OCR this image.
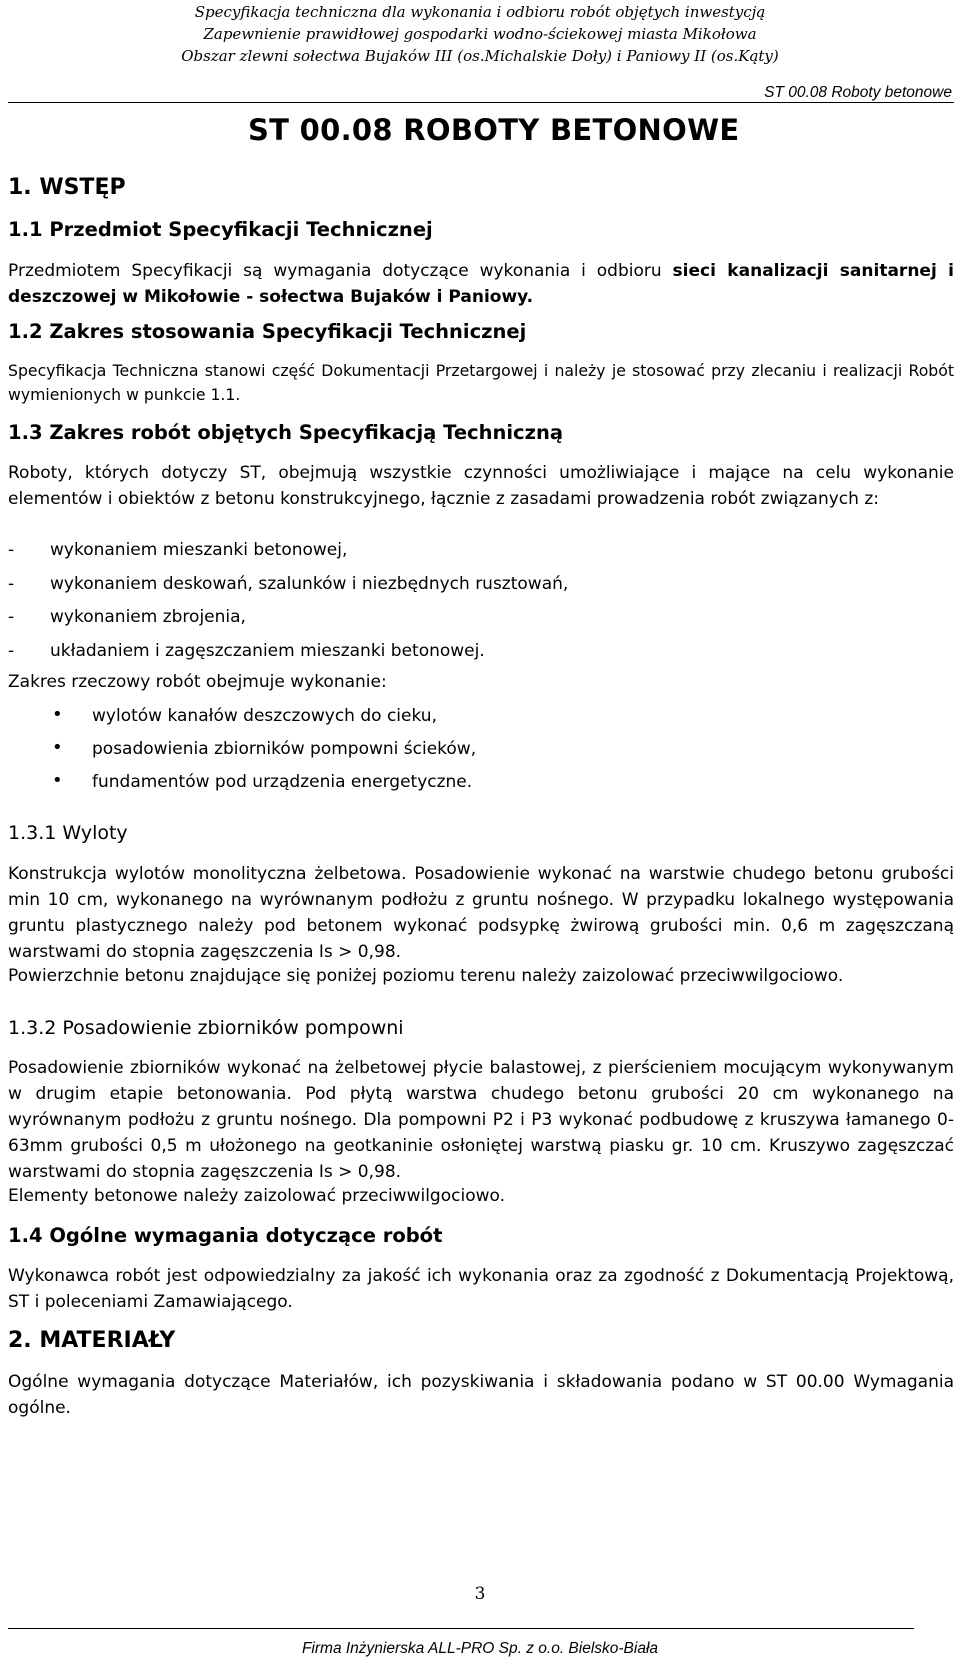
Specyfikacja techniczna dla wykonania i odbioru robót objętych inwestycją
Zapewnienie prawidłowej gospodarki wodno-ściekowej miasta Mikołowa
Obszar zlewni sołectwa Bujaków III (os.Michalskie Doły) i Paniowy II (os.Kąty)
ST 00.08 Roboty betonowe
ST 00.08 ROBOTY BETONOWE
1. WSTĘP
1.1 Przedmiot Specyfikacji Technicznej
Przedmiotem Specyfikacji są wymagania dotyczące wykonania i odbioru sieci kanalizacji sanitarnej i deszczowej w Mikołowie - sołectwa Bujaków i Paniowy.
1.2 Zakres stosowania Specyfikacji Technicznej
Specyfikacja Techniczna stanowi część Dokumentacji Przetargowej i należy je stosować przy zlecaniu i realizacji Robót wymienionych w punkcie 1.1.
1.3 Zakres robót objętych Specyfikacją Techniczną
Roboty, których dotyczy ST, obejmują wszystkie czynności umożliwiające i mające na celu wykonanie elementów i obiektów z betonu konstrukcyjnego, łącznie z zasadami prowadzenia robót związanych z:
- wykonaniem mieszanki betonowej,
- wykonaniem deskowań, szalunków i niezbędnych rusztowań,
- wykonaniem zbrojenia,
- układaniem i zagęszczaniem mieszanki betonowej.
Zakres rzeczowy robót obejmuje wykonanie:
• wylotów kanałów deszczowych do cieku,
• posadowienia zbiorników pompowni ścieków,
• fundamentów pod urządzenia energetyczne.
1.3.1 Wyloty
Konstrukcja wylotów monolityczna żelbetowa. Posadowienie wykonać na warstwie chudego betonu grubości min 10 cm, wykonanego na wyrównanym podłożu z gruntu nośnego. W przypadku lokalnego występowania gruntu plastycznego należy pod betonem wykonać podsypkę żwirową grubości min. 0,6 m zagęszczaną warstwami do stopnia zagęszczenia Is > 0,98.
Powierzchnie betonu znajdujące się poniżej poziomu terenu należy zaizolować przeciwwilgociowo.
1.3.2 Posadowienie zbiorników pompowni
Posadowienie zbiorników wykonać na żelbetowej płycie balastowej, z pierścieniem mocującym wykonywanym w drugim etapie betonowania. Pod płytą warstwa chudego betonu grubości 20 cm wykonanego na wyrównanym podłożu z gruntu nośnego. Dla pompowni P2 i P3 wykonać podbudowę z kruszywa łamanego 0-63mm grubości 0,5 m ułożonego na geotkaninie osłoniętej warstwą piasku gr. 10 cm. Kruszywo zagęszczać warstwami do stopnia zagęszczenia Is > 0,98.
Elementy betonowe należy zaizolować przeciwwilgociowo.
1.4 Ogólne wymagania dotyczące robót
Wykonawca robót jest odpowiedzialny za jakość ich wykonania oraz za zgodność z Dokumentacją Projektową, ST i poleceniami Zamawiającego.
2. MATERIAŁY
Ogólne wymagania dotyczące Materiałów, ich pozyskiwania i składowania podano w ST 00.00 Wymagania ogólne.
3
Firma Inżynierska ALL-PRO Sp. z o.o. Bielsko-Biała
